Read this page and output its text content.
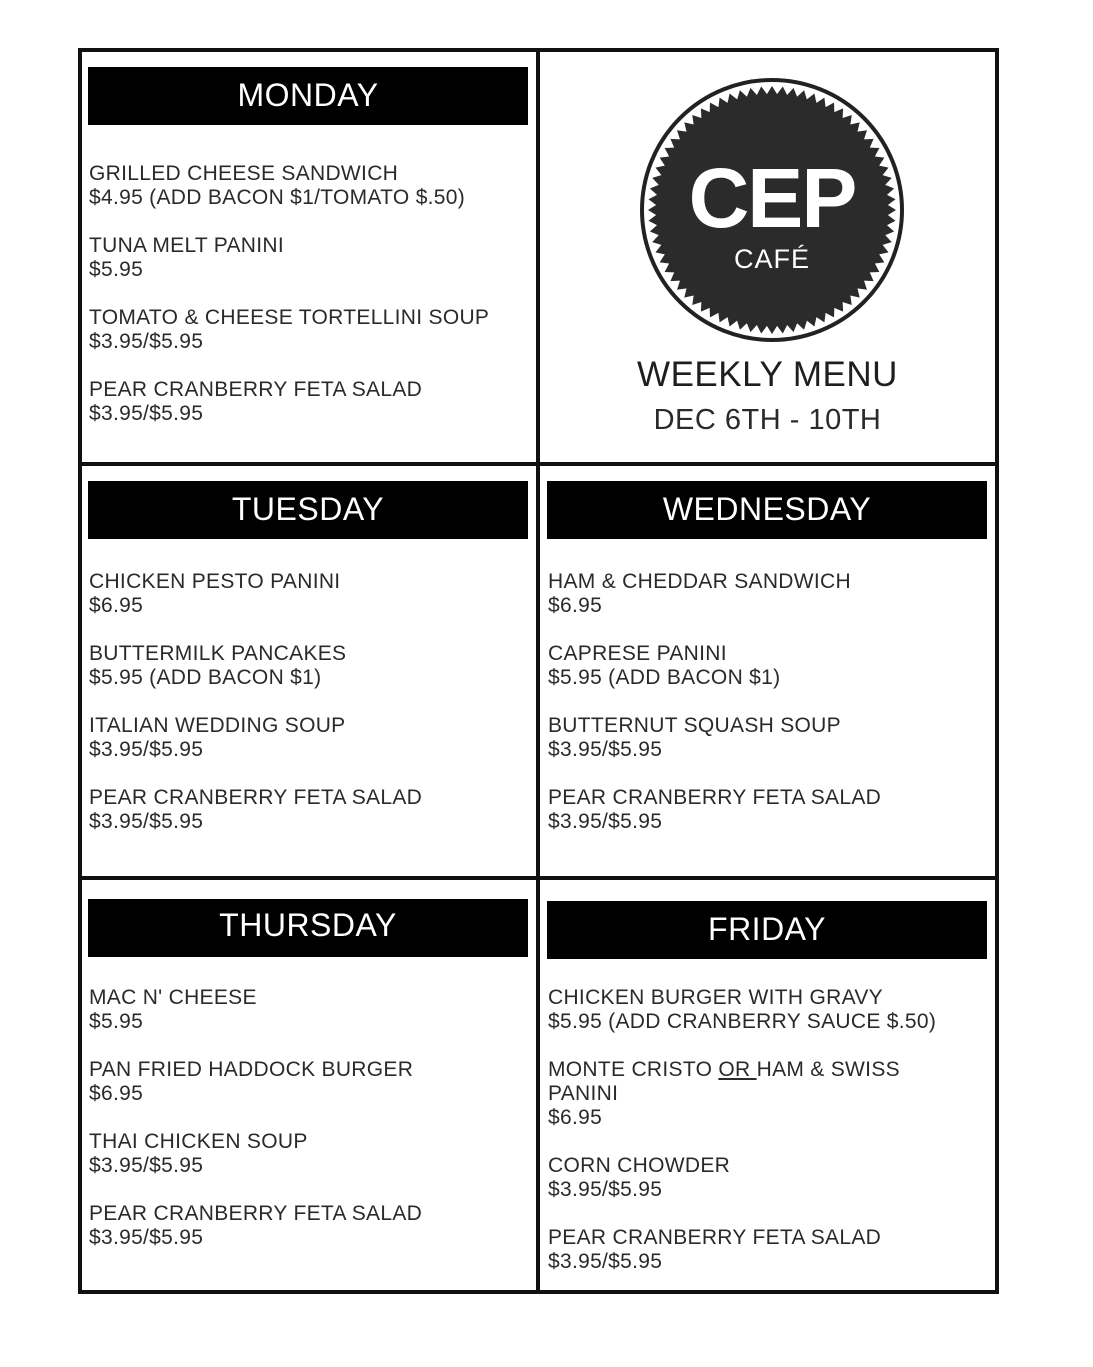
MONDAY
GRILLED CHEESE SANDWICH
$4.95 (ADD BACON $1/TOMATO $.50)
TUNA MELT PANINI
$5.95
TOMATO & CHEESE TORTELLINI SOUP
$3.95/$5.95
PEAR CRANBERRY FETA SALAD
$3.95/$5.95
CEP
CAFÉ
WEEKLY MENU
DEC 6TH - 10TH
TUESDAY
CHICKEN PESTO PANINI
$6.95
BUTTERMILK PANCAKES
$5.95 (ADD BACON $1)
ITALIAN WEDDING SOUP
$3.95/$5.95
PEAR CRANBERRY FETA SALAD
$3.95/$5.95
WEDNESDAY
HAM & CHEDDAR SANDWICH
$6.95
CAPRESE PANINI
$5.95 (ADD BACON $1)
BUTTERNUT SQUASH SOUP
$3.95/$5.95
PEAR CRANBERRY FETA SALAD
$3.95/$5.95
THURSDAY
MAC N' CHEESE
$5.95
PAN FRIED HADDOCK BURGER
$6.95
THAI CHICKEN SOUP
$3.95/$5.95
PEAR CRANBERRY FETA SALAD
$3.95/$5.95
FRIDAY
CHICKEN BURGER WITH GRAVY
$5.95 (ADD CRANBERRY SAUCE $.50)
MONTE CRISTO OR HAM & SWISS
PANINI
$6.95
CORN CHOWDER
$3.95/$5.95
PEAR CRANBERRY FETA SALAD
$3.95/$5.95
